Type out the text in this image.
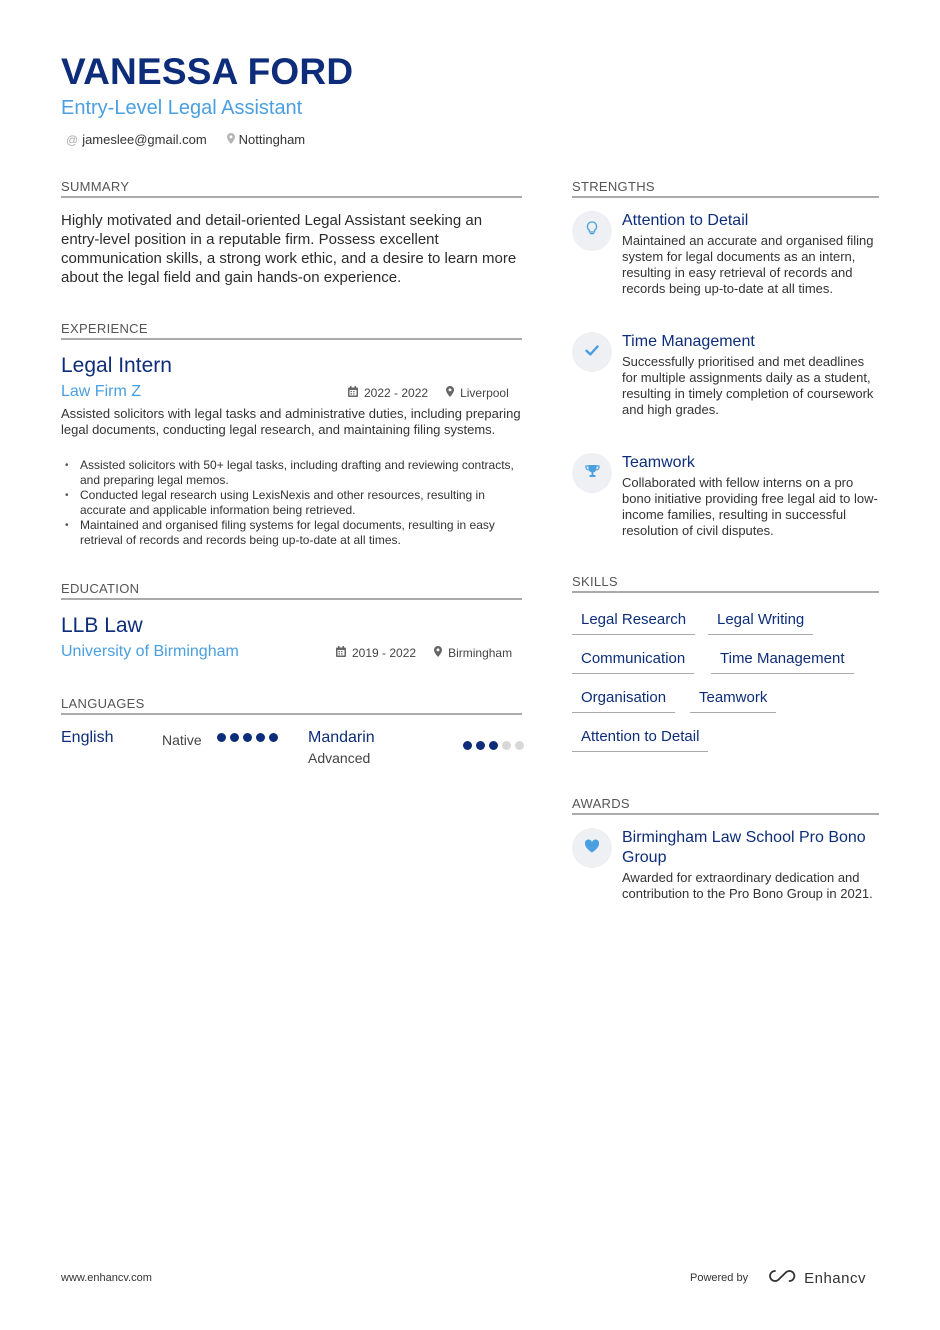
VANESSA FORD
Entry-Level Legal Assistant
@ jameslee@gmail.com Nottingham
SUMMARY

Highly motivated and detail-oriented Legal Assistant seeking an entry-level position in a reputable firm. Possess excellent communication skills, a strong work ethic, and a desire to learn more about the legal field and gain hands-on experience.

EXPERIENCE
Legal Intern
Law Firm Z	2022 - 2022	Liverpool

Assisted solicitors with legal tasks and administrative duties, including preparing legal documents, conducting legal research, and maintaining filing systems.

• Assisted solicitors with 50+ legal tasks, including drafting and reviewing contracts, and preparing legal memos.
• Conducted legal research using LexisNexis and other resources, resulting in accurate and applicable information being retrieved.
• Maintained and organised filing systems for legal documents, resulting in easy retrieval of records and records being up-to-date at all times.
EDUCATION
LLB Law
University of Birmingham	2019 - 2022	Birmingham
LANGUAGES
English	Native	Mandarin
Advanced
STRENGTHS
Attention to Detail

Maintained an accurate and organised filing system for legal documents as an intern, resulting in easy retrieval of records and records being up-to-date at all times.

Time Management

Successfully prioritised and met deadlines for multiple assignments daily as a student, resulting in timely completion of coursework and high grades.

Teamwork

Collaborated with fellow interns on a pro bono initiative providing free legal aid to low-income families, resulting in successful resolution of civil disputes.

SKILLS
Legal Research	Legal Writing
Communication	Time Management
Organisation	Teamwork
Attention to Detail
AWARDS
Birmingham Law School Pro Bono Group

Awarded for extraordinary dedication and contribution to the Pro Bono Group in 2021.

www.enhancv.com	Powered by	Enhancv
